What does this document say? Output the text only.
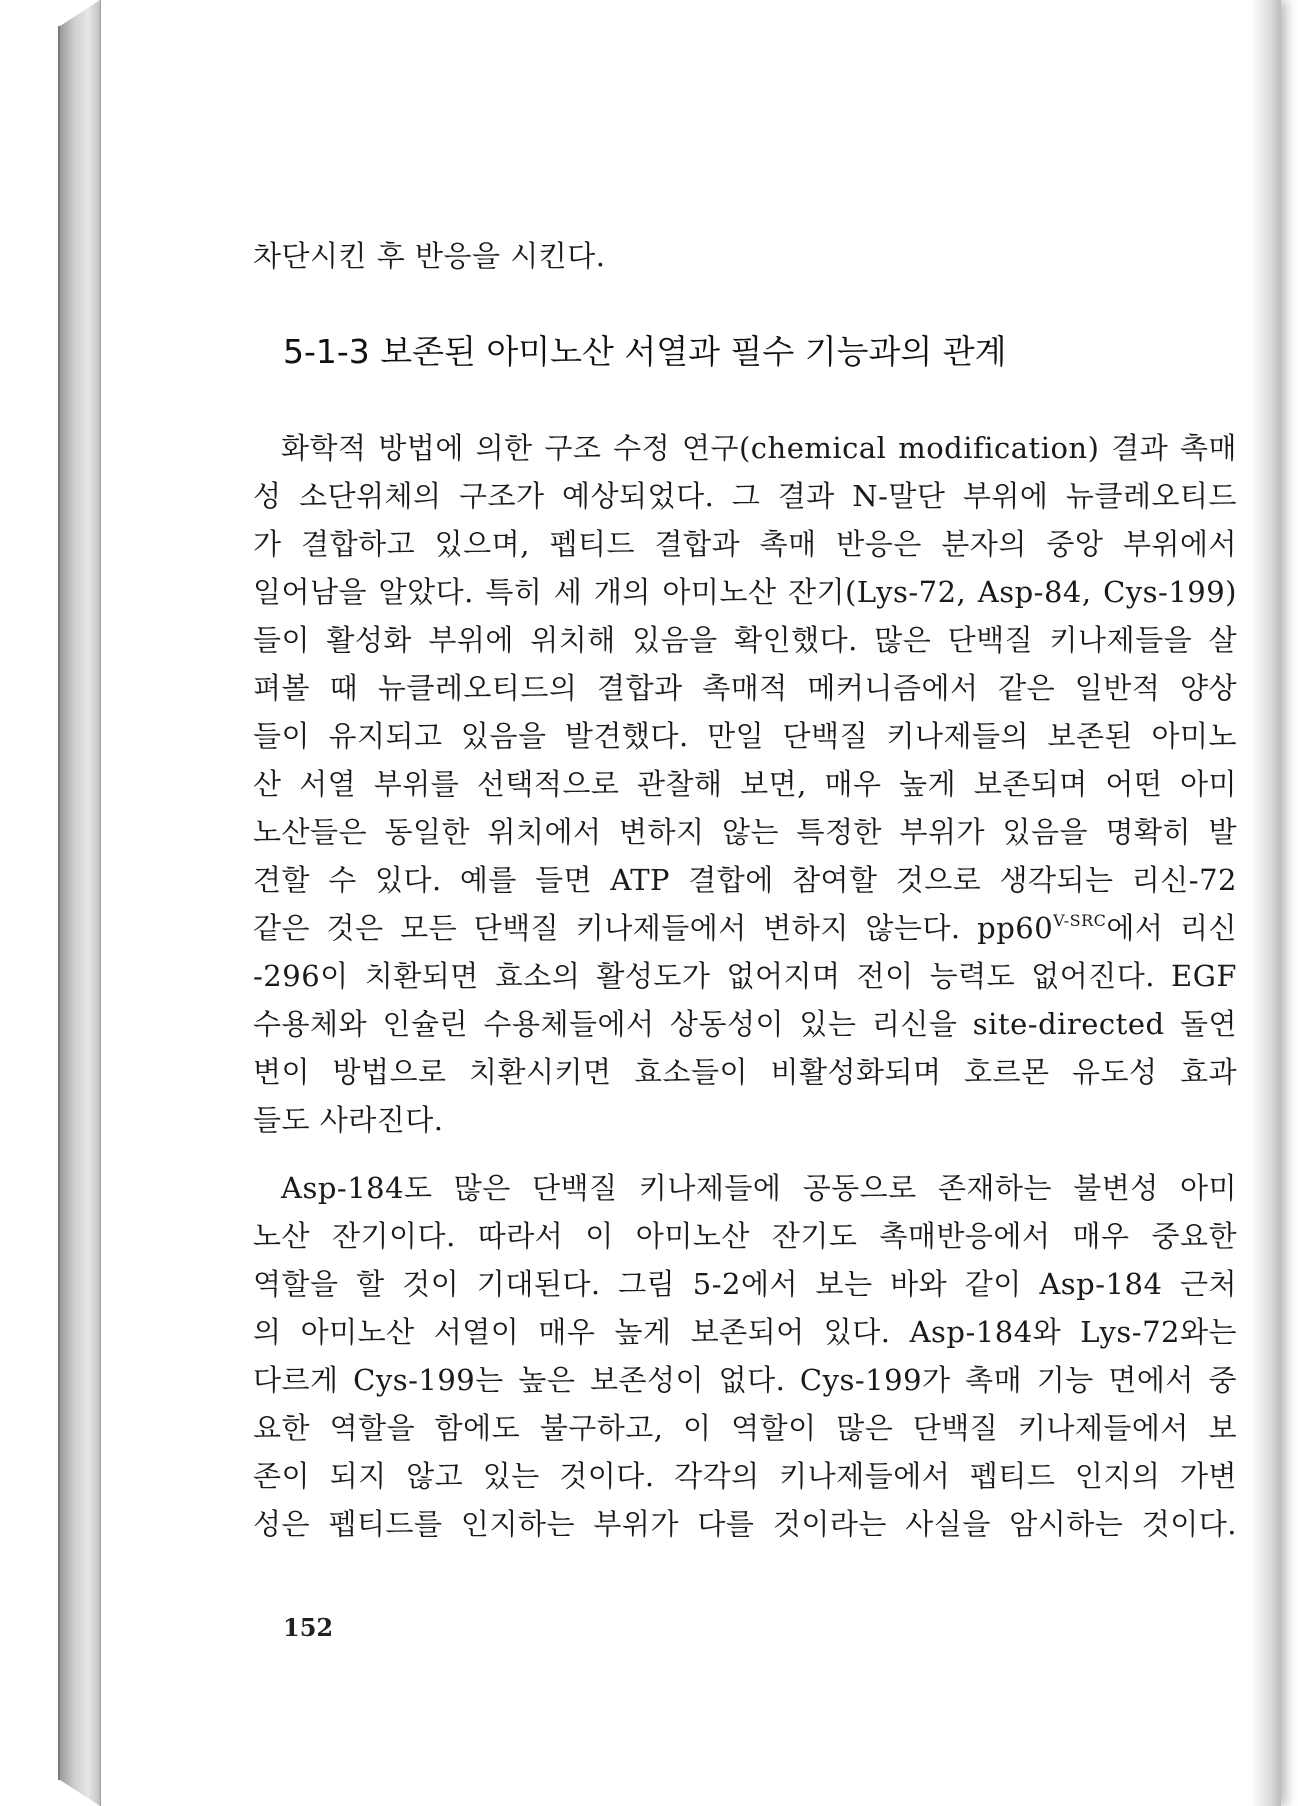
차단시킨 후 반응을 시킨다.
5-1-3 보존된 아미노산 서열과 필수 기능과의 관계
화학적 방법에 의한 구조 수정 연구(chemical modification) 결과 촉매
성 소단위체의 구조가 예상되었다. 그 결과 N-말단 부위에 뉴클레오티드
가 결합하고 있으며, 펩티드 결합과 촉매 반응은 분자의 중앙 부위에서
일어남을 알았다. 특히 세 개의 아미노산 잔기(Lys-72, Asp-84, Cys-199)
들이 활성화 부위에 위치해 있음을 확인했다. 많은 단백질 키나제들을 살
펴볼 때 뉴클레오티드의 결합과 촉매적 메커니즘에서 같은 일반적 양상
들이 유지되고 있음을 발견했다. 만일 단백질 키나제들의 보존된 아미노
산 서열 부위를 선택적으로 관찰해 보면, 매우 높게 보존되며 어떤 아미
노산들은 동일한 위치에서 변하지 않는 특정한 부위가 있음을 명확히 발
견할 수 있다. 예를 들면 ATP 결합에 참여할 것으로 생각되는 리신-72
같은 것은 모든 단백질 키나제들에서 변하지 않는다. $pp60^{V-SRC}$에서 리신
-296이 치환되면 효소의 활성도가 없어지며 전이 능력도 없어진다. EGF
수용체와 인슐린 수용체들에서 상동성이 있는 리신을 site-directed 돌연
변이 방법으로 치환시키면 효소들이 비활성화되며 호르몬 유도성 효과
들도 사라진다.
Asp-184도 많은 단백질 키나제들에 공동으로 존재하는 불변성 아미
노산 잔기이다. 따라서 이 아미노산 잔기도 촉매반응에서 매우 중요한
역할을 할 것이 기대된다. 그림 5-2에서 보는 바와 같이 Asp-184 근처
의 아미노산 서열이 매우 높게 보존되어 있다. Asp-184와 Lys-72와는
다르게 Cys-199는 높은 보존성이 없다. Cys-199가 촉매 기능 면에서 중
요한 역할을 함에도 불구하고, 이 역할이 많은 단백질 키나제들에서 보
존이 되지 않고 있는 것이다. 각각의 키나제들에서 펩티드 인지의 가변
성은 펩티드를 인지하는 부위가 다를 것이라는 사실을 암시하는 것이다.
152
